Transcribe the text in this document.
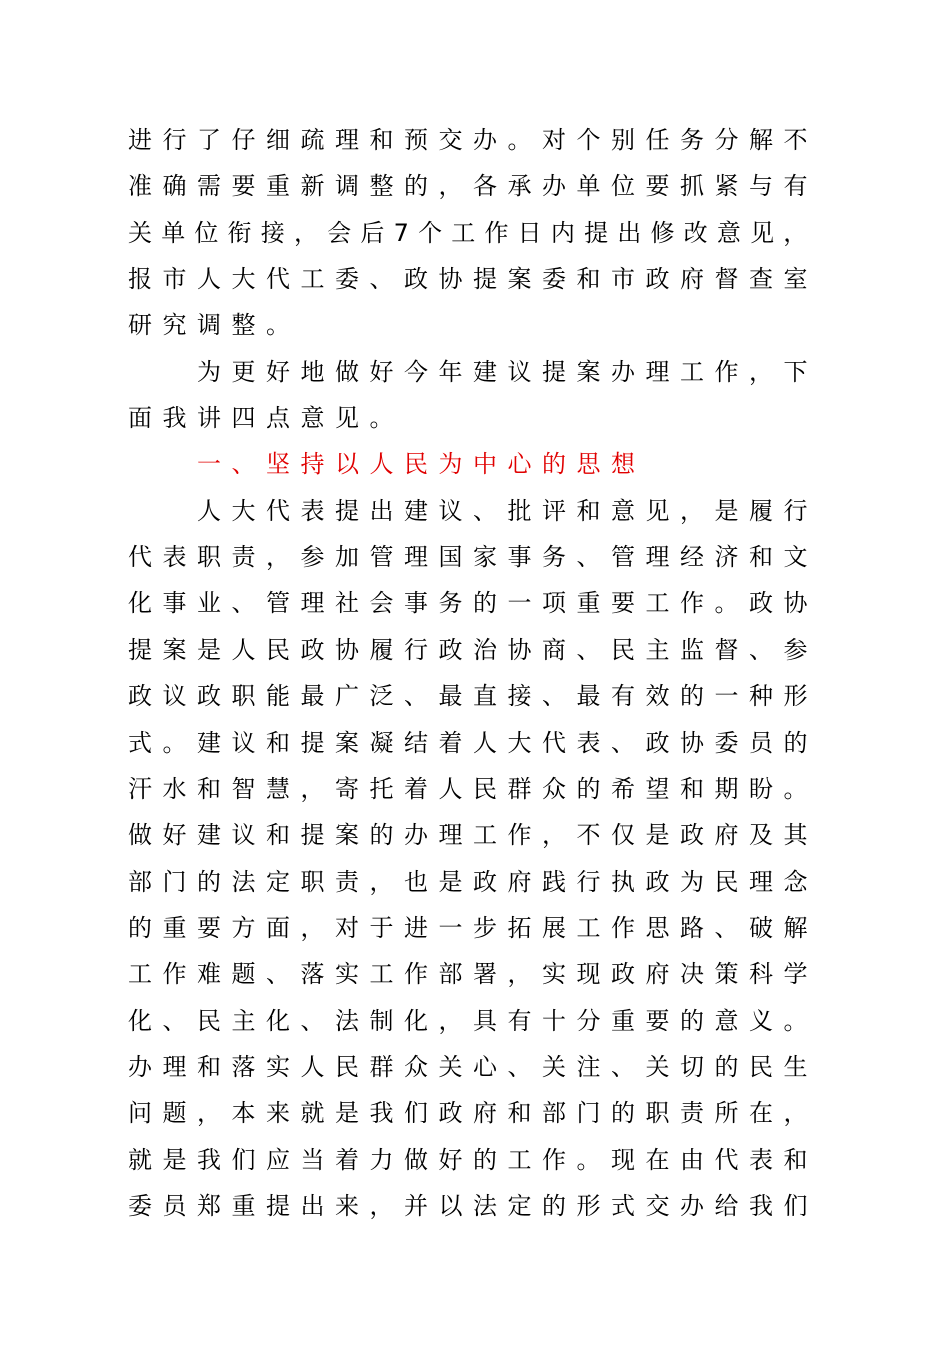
进行了仔细疏理和预交办。对个别任务分解不
准确需要重新调整的，各承办单位要抓紧与有
关单位衔接，会后7个工作日内提出修改意见，
报市人大代工委、政协提案委和市政府督查室
研究调整。
为更好地做好今年建议提案办理工作，下
面我讲四点意见。
一、坚持以人民为中心的思想
人大代表提出建议、批评和意见，是履行
代表职责，参加管理国家事务、管理经济和文
化事业、管理社会事务的一项重要工作。政协
提案是人民政协履行政治协商、民主监督、参
政议政职能最广泛、最直接、最有效的一种形
式。建议和提案凝结着人大代表、政协委员的
汗水和智慧，寄托着人民群众的希望和期盼。
做好建议和提案的办理工作，不仅是政府及其
部门的法定职责，也是政府践行执政为民理念
的重要方面，对于进一步拓展工作思路、破解
工作难题、落实工作部署，实现政府决策科学
化、民主化、法制化，具有十分重要的意义。
办理和落实人民群众关心、关注、关切的民生
问题，本来就是我们政府和部门的职责所在，
就是我们应当着力做好的工作。现在由代表和
委员郑重提出来，并以法定的形式交办给我们
